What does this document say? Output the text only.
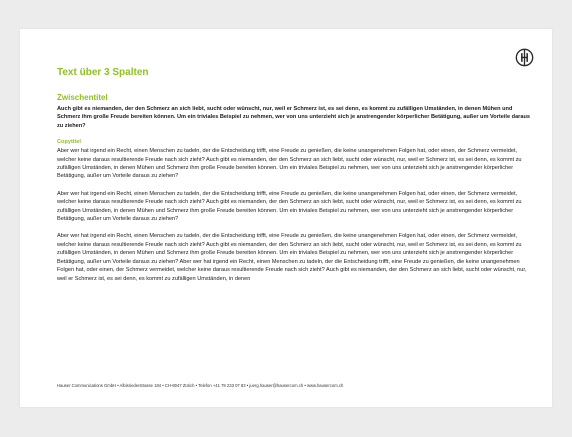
Text über 3 Spalten
Zwischentitel

Auch gibt es niemanden, der den Schmerz an sich liebt, sucht oder wünscht, nur, weil er Schmerz ist, es sei denn, es kommt zu zufälligen Umständen, in denen Mühen und Schmerz ihm große Freude bereiten können. Um ein triviales Beispiel zu nehmen, wer von uns unterzieht sich je anstrengender körperlicher Betätigung, außer um Vorteile daraus zu ziehen?

Copytitel

Aber wer hat irgend ein Recht, einen Menschen zu tadeln, der die Entscheidung trifft, eine Freude zu genießen, die keine unangenehmen Folgen hat, oder einen, der Schmerz vermeidet, welcher keine daraus resultierende Freude nach sich zieht? Auch gibt es niemanden, der den Schmerz an sich liebt, sucht oder wünscht, nur, weil er Schmerz ist, es sei denn, es kommt zu zufälligen Umständen, in denen Mühen und Schmerz ihm große Freude bereiten können. Um ein triviales Beispiel zu nehmen, wer von uns unterzieht sich je anstrengender körperlicher Betätigung, außer um Vorteile daraus zu ziehen?

Aber wer hat irgend ein Recht, einen Menschen zu tadeln, der die Entscheidung trifft, eine Freude zu genießen, die keine unangenehmen Folgen hat, oder einen, der Schmerz vermeidet, welcher keine daraus resultierende Freude nach sich zieht? Auch gibt es niemanden, der den Schmerz an sich liebt, sucht oder wünscht, nur, weil er Schmerz ist, es sei denn, es kommt zu zufälligen Umständen, in denen Mühen und Schmerz ihm große Freude bereiten können. Um ein triviales Beispiel zu nehmen, wer von uns unterzieht sich je anstrengender körperlicher Betätigung, außer um Vorteile daraus zu ziehen?

Aber wer hat irgend ein Recht, einen Menschen zu tadeln, der die Entscheidung trifft, eine Freude zu genießen, die keine unangenehmen Folgen hat, oder einen, der Schmerz vermeidet, welcher keine daraus resultierende Freude nach sich zieht? Auch gibt es niemanden, der den Schmerz an sich liebt, sucht oder wünscht, nur, weil er Schmerz ist, es sei denn, es kommt zu zufälligen Umständen, in denen Mühen und Schmerz ihm große Freude bereiten können. Um ein triviales Beispiel zu nehmen, wer von uns unterzieht sich je anstrengender körperlicher Betätigung, außer um Vorteile daraus zu ziehen? Aber wer hat irgend ein Recht, einen Menschen zu tadeln, der die Entscheidung trifft, eine Freude zu genießen, die keine unangenehmen Folgen hat, oder einen, der Schmerz vermeidet, welcher keine daraus resultierende Freude nach sich zieht? Auch gibt es niemanden, der den Schmerz an sich liebt, sucht oder wünscht, nur, weil er Schmerz ist, es sei denn, es kommt zu zufälligen Umständen, in denen

Hauser Communications GmbH • Albisriederstrasse 184 • CH-8047 Zürich • Telefon +41 79 233 07 83 • juerg.hauser@hausercom.ch • www.hausercom.ch
